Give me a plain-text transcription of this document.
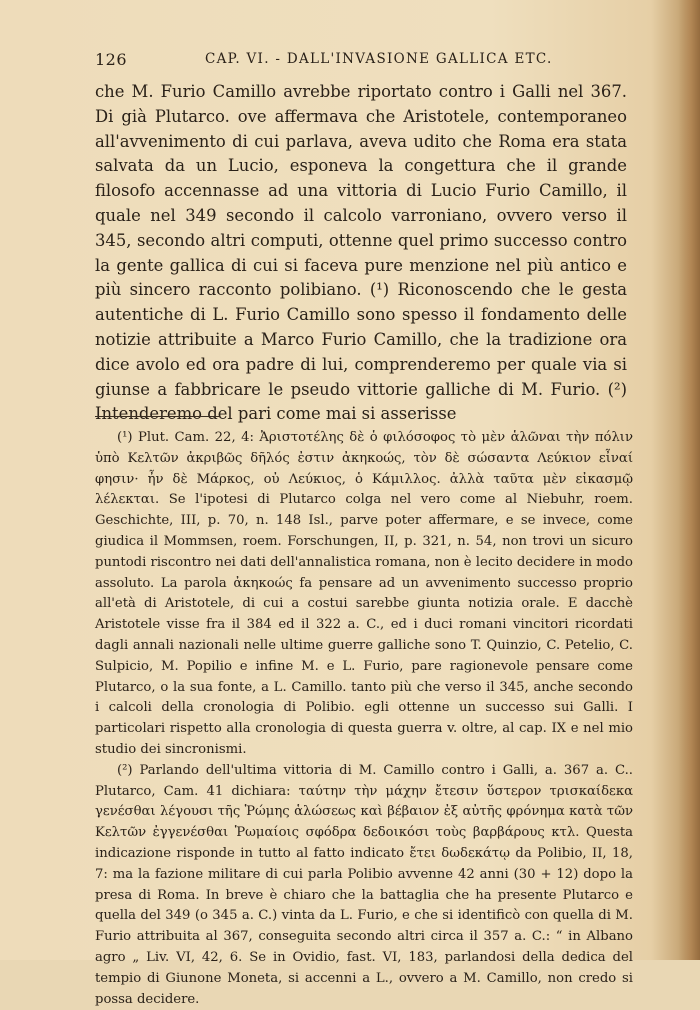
126	CAP. VI. - DALL'INVASIONE GALLICA ETC.

che M. Furio Camillo avrebbe riportato contro i Galli nel 367. Di già Plutarco. ove affermava che Aristotele, contemporaneo all'avvenimento di cui parlava, aveva udito che Roma era stata salvata da un Lucio, esponeva la congettura che il grande filosofo accennasse ad una vittoria di Lucio Furio Camillo, il quale nel 349 secondo il calcolo varroniano, ovvero verso il 345, secondo altri computi, ottenne quel primo successo contro la gente gallica di cui si faceva pure menzione nel più antico e più sincero racconto polibiano. (¹) Riconoscendo che le gesta autentiche di L. Furio Camillo sono spesso il fondamento delle notizie attribuite a Marco Furio Camillo, che la tradizione ora dice avolo ed ora padre di lui, comprenderemo per quale via si giunse a fabbricare le pseudo vittorie galliche di M. Furio. (²) Intenderemo del pari come mai si asserisse

(¹) Plut. Cam. 22, 4: Ἀριστοτέλης δὲ ὁ φιλόσοφος τὸ μὲν ἁλῶναι τὴν πόλιν ὑπὸ Κελτῶν ἀκριβῶς δῆλός ἐστιν ἀκηκοώς, τὸν δὲ σώσαντα Λεύκιον εἶναί φησιν· ἦν δὲ Μάρκος, οὐ Λεύκιος, ὁ Κάμιλλος. ἀλλὰ ταῦτα μὲν εἰκασμῷ λέλεκται. Se l'ipotesi di Plutarco colga nel vero come al Niebuhr, roem. Geschichte, III, p. 70, n. 148 Isl., parve poter affermare, e se invece, come giudica il Mommsen, roem. Forschungen, II, p. 321, n. 54, non trovi un sicuro puntodi riscontro nei dati dell'annalistica romana, non è lecito decidere in modo assoluto. La parola ἀκηκοώς fa pensare ad un avvenimento successo proprio all'età di Aristotele, di cui a costui sarebbe giunta notizia orale. E dacchè Aristotele visse fra il 384 ed il 322 a. C., ed i duci romani vincitori ricordati dagli annali nazionali nelle ultime guerre galliche sono T. Quinzio, C. Petelio, C. Sulpicio, M. Popilio e infine M. e L. Furio, pare ragionevole pensare come Plutarco, o la sua fonte, a L. Camillo. tanto più che verso il 345, anche secondo i calcoli della cronologia di Polibio. egli ottenne un successo sui Galli. I particolari rispetto alla cronologia di questa guerra v. oltre, al cap. IX e nel mio studio dei sincronismi.

(²) Parlando dell'ultima vittoria di M. Camillo contro i Galli, a. 367 a. C.. Plutarco, Cam. 41 dichiara: ταύτην τὴν μάχην ἔτεσιν ὕστερον τρισκαίδεκα γενέσθαι λέγουσι τῆς Ῥώμης ἁλώσεως καὶ βέβαιον ἐξ αὐτῆς φρόνημα κατὰ τῶν Κελτῶν ἐγγενέσθαι Ῥωμαίοις σφόδρα δεδοικόσι τοὺς βαρβάρους κτλ. Questa indicazione risponde in tutto al fatto indicato ἔτει δωδεκάτῳ da Polibio, II, 18, 7: ma la fazione militare di cui parla Polibio avvenne 42 anni (30 + 12) dopo la presa di Roma. In breve è chiaro che la battaglia che ha presente Plutarco e quella del 349 (o 345 a. C.) vinta da L. Furio, e che si identificò con quella di M. Furio attribuita al 367, conseguita secondo altri circa il 357 a. C.: “ in Albano agro „ Liv. VI, 42, 6. Se in Ovidio, fast. VI, 183, parlandosi della dedica del tempio di Giunone Moneta, si accenni a L., ovvero a M. Camillo, non credo si possa decidere.
